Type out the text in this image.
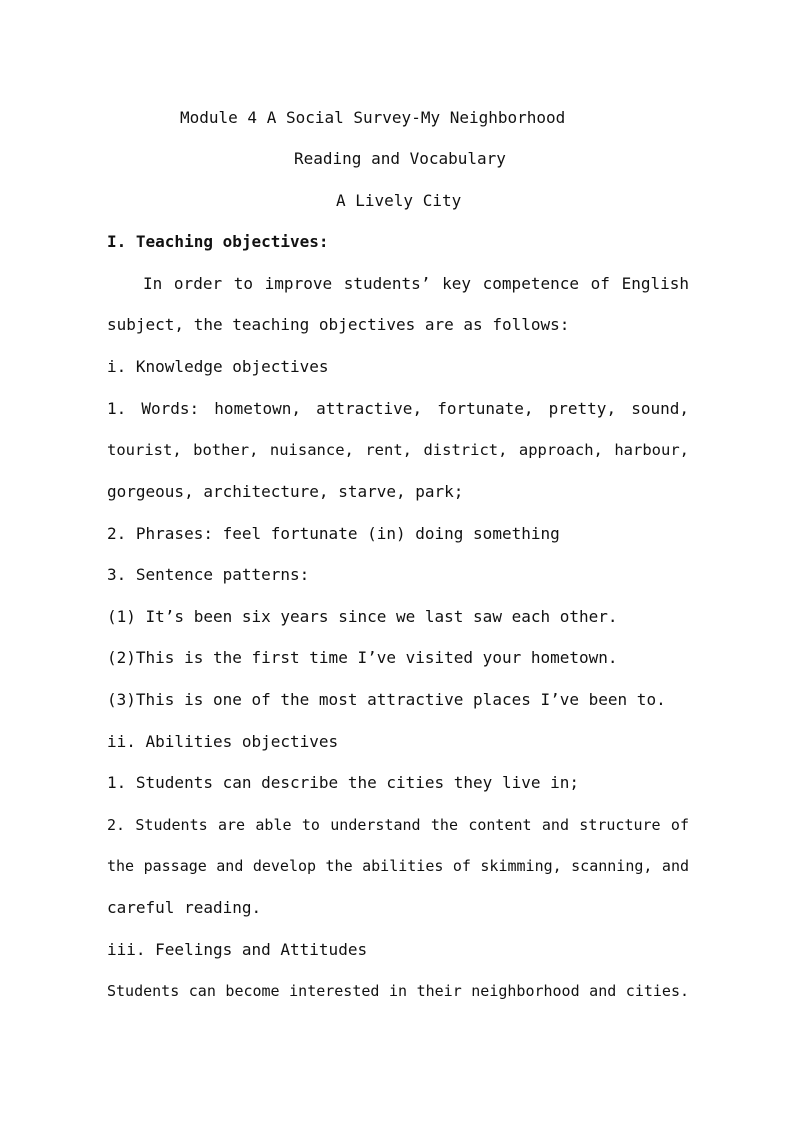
Module 4 A Social Survey-My Neighborhood
Reading and Vocabulary
A Lively City
I. Teaching objectives:
In order to improve students’ key competence of English
subject, the teaching objectives are as follows:
i. Knowledge objectives
1. Words: hometown, attractive, fortunate, pretty, sound,
tourist, bother, nuisance, rent, district, approach, harbour,
gorgeous, architecture, starve, park;
2. Phrases: feel fortunate (in) doing something
3. Sentence patterns:
(1) It’s been six years since we last saw each other.
(2)This is the first time I’ve visited your hometown.
(3)This is one of the most attractive places I’ve been to.
ii. Abilities objectives
1. Students can describe the cities they live in;
2. Students are able to understand the content and structure of
the passage and develop the abilities of skimming, scanning, and
careful reading.
iii. Feelings and Attitudes
Students can become interested in their neighborhood and cities.
